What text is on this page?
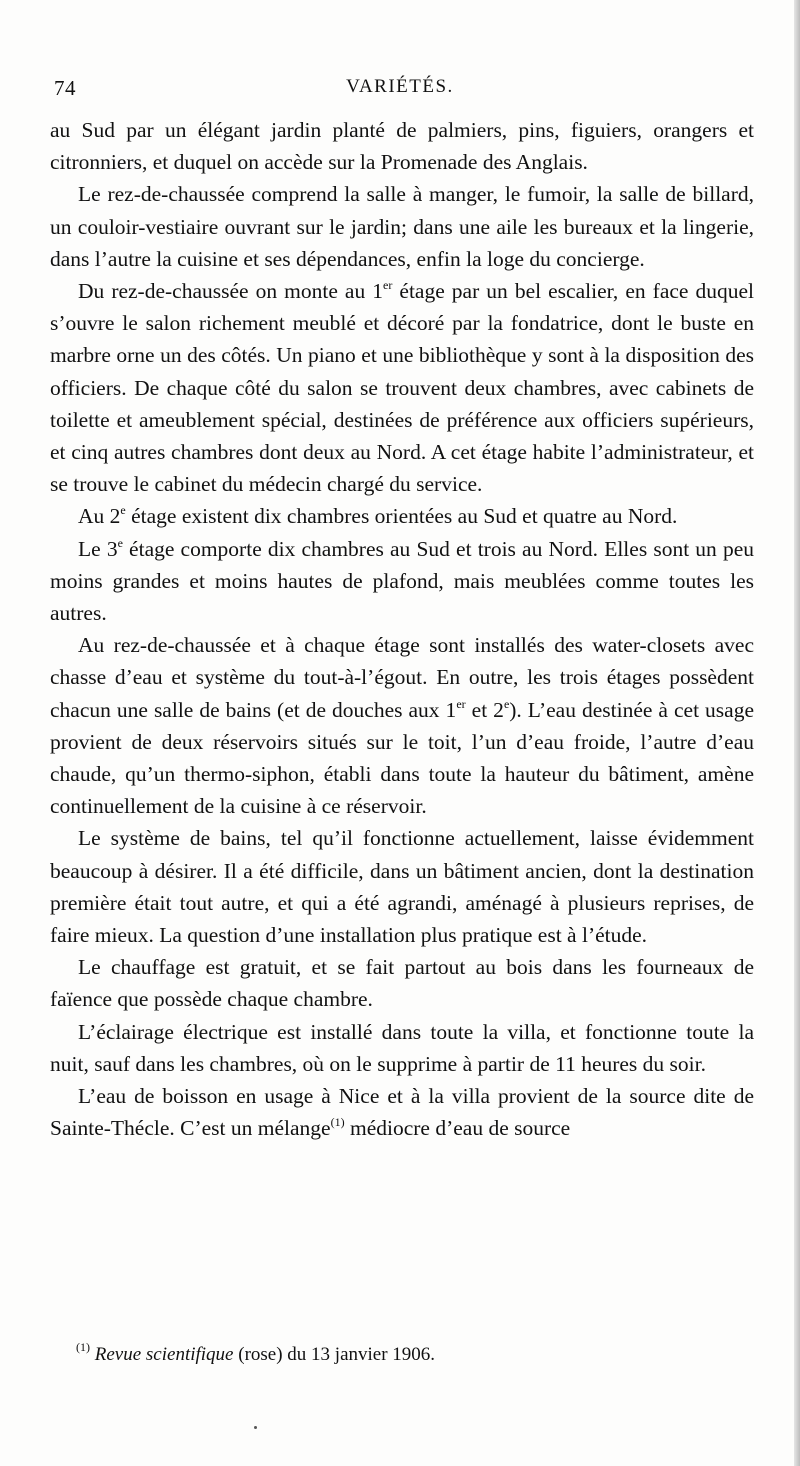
74	VARIÉTÉS.

au Sud par un élégant jardin planté de palmiers, pins, figuiers, orangers et citronniers, et duquel on accède sur la Promenade des Anglais.

Le rez-de-chaussée comprend la salle à manger, le fumoir, la salle de billard, un couloir-vestiaire ouvrant sur le jardin; dans une aile les bureaux et la lingerie, dans l’autre la cuisine et ses dépendances, enfin la loge du concierge.

Du rez-de-chaussée on monte au 1er étage par un bel escalier, en face duquel s’ouvre le salon richement meublé et décoré par la fondatrice, dont le buste en marbre orne un des côtés. Un piano et une bibliothèque y sont à la disposition des officiers. De chaque côté du salon se trouvent deux chambres, avec cabinets de toilette et ameublement spécial, destinées de préférence aux officiers supérieurs, et cinq autres chambres dont deux au Nord. A cet étage habite l’administrateur, et se trouve le cabinet du médecin chargé du service.

Au 2e étage existent dix chambres orientées au Sud et quatre au Nord.

Le 3e étage comporte dix chambres au Sud et trois au Nord. Elles sont un peu moins grandes et moins hautes de plafond, mais meublées comme toutes les autres.

Au rez-de-chaussée et à chaque étage sont installés des water-closets avec chasse d’eau et système du tout-à-l’égout. En outre, les trois étages possèdent chacun une salle de bains (et de douches aux 1er et 2e). L’eau destinée à cet usage provient de deux réservoirs situés sur le toit, l’un d’eau froide, l’autre d’eau chaude, qu’un thermo-siphon, établi dans toute la hauteur du bâtiment, amène continuellement de la cuisine à ce réservoir.

Le système de bains, tel qu’il fonctionne actuellement, laisse évidemment beaucoup à désirer. Il a été difficile, dans un bâtiment ancien, dont la destination première était tout autre, et qui a été agrandi, aménagé à plusieurs reprises, de faire mieux. La question d’une installation plus pratique est à l’étude.

Le chauffage est gratuit, et se fait partout au bois dans les fourneaux de faïence que possède chaque chambre.

L’éclairage électrique est installé dans toute la villa, et fonctionne toute la nuit, sauf dans les chambres, où on le supprime à partir de 11 heures du soir.

L’eau de boisson en usage à Nice et à la villa provient de la source dite de Sainte-Thécle. C’est un mélange$^{(1)}$ médiocre d’eau de source

$^{(1)}$ Revue scientifique (rose) du 13 janvier 1906.
